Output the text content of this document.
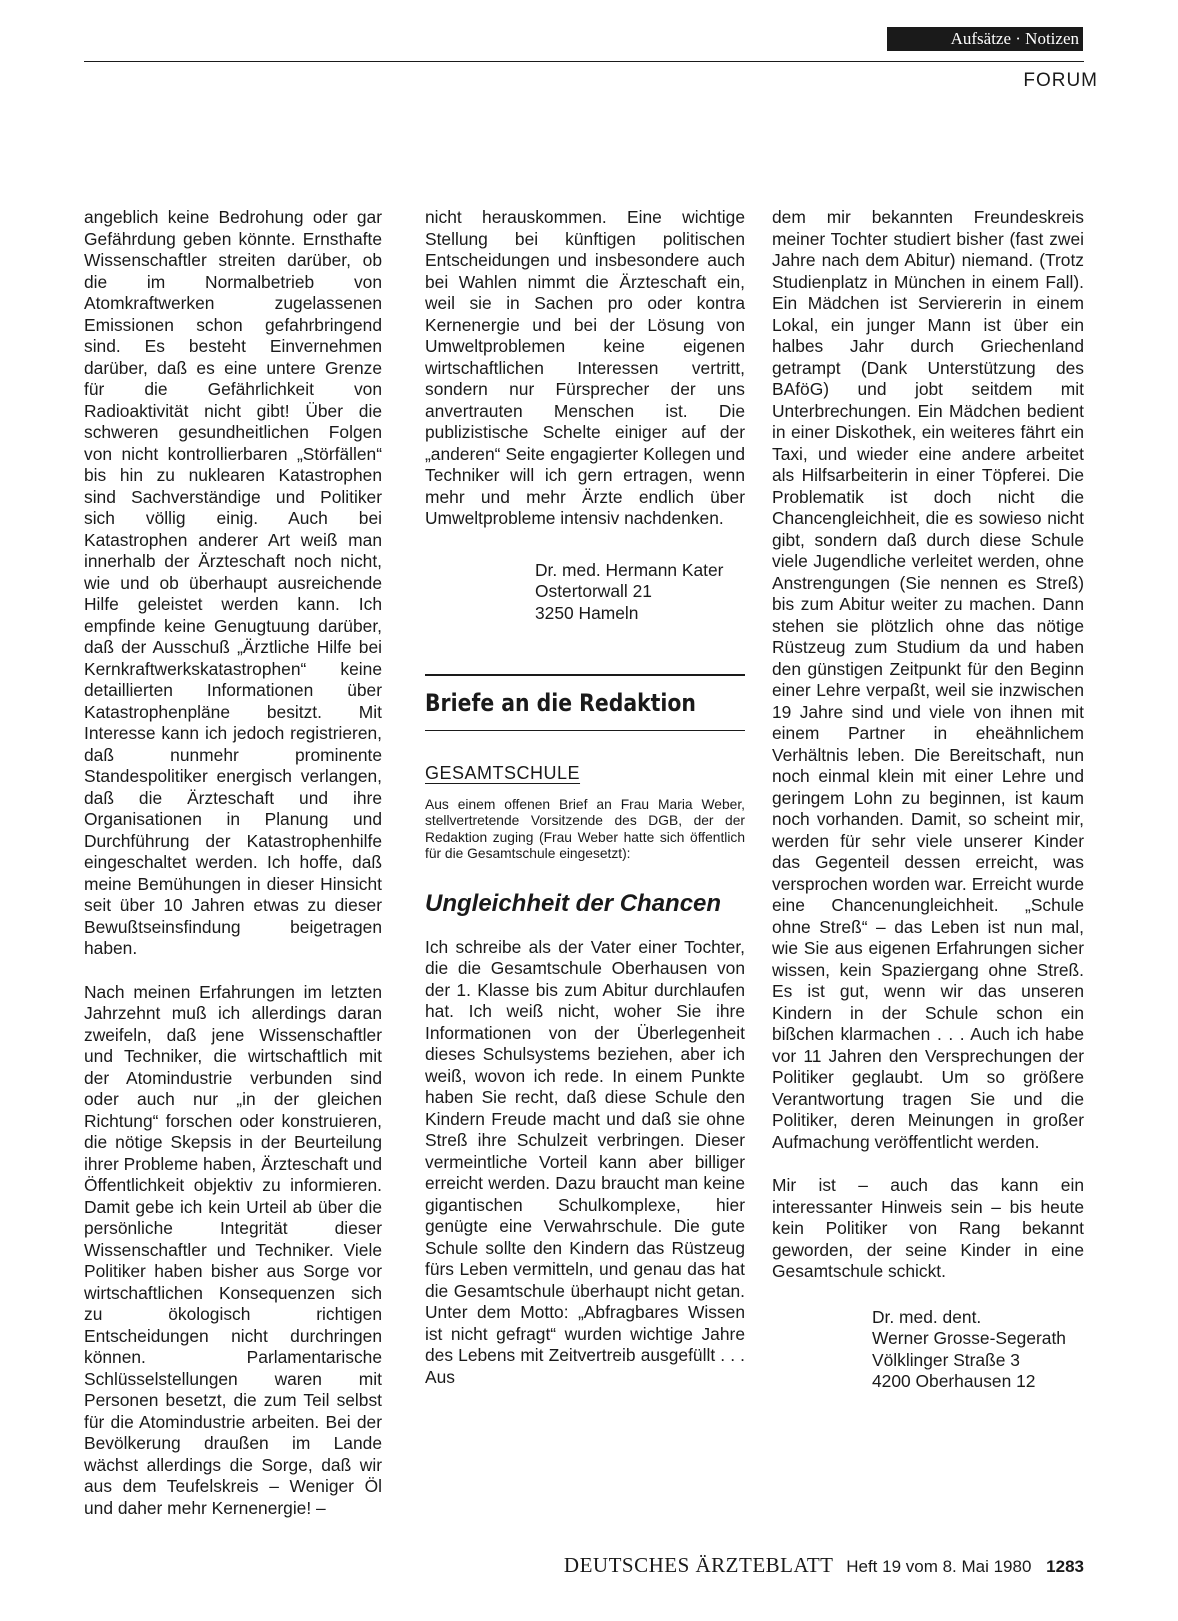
Aufsätze · Notizen
FORUM

angeblich keine Bedrohung oder gar Gefährdung geben könnte. Ernsthafte Wissenschaftler streiten darüber, ob die im Normalbetrieb von Atomkraftwerken zugelassenen Emissionen schon gefahrbringend sind. Es besteht Einvernehmen darüber, daß es eine untere Grenze für die Gefährlichkeit von Radioaktivität nicht gibt! Über die schweren gesundheitlichen Folgen von nicht kontrollierbaren „Störfällen“ bis hin zu nuklearen Katastrophen sind Sachverständige und Politiker sich völlig einig. Auch bei Katastrophen anderer Art weiß man innerhalb der Ärzteschaft noch nicht, wie und ob überhaupt ausreichende Hilfe geleistet werden kann. Ich empfinde keine Genugtuung darüber, daß der Ausschuß „Ärztliche Hilfe bei Kernkraftwerkskatastrophen“ keine detaillierten Informationen über Katastrophenpläne besitzt. Mit Interesse kann ich jedoch registrieren, daß nunmehr prominente Standespolitiker energisch verlangen, daß die Ärzteschaft und ihre Organisationen in Planung und Durchführung der Katastrophenhilfe eingeschaltet werden. Ich hoffe, daß meine Bemühungen in dieser Hinsicht seit über 10 Jahren etwas zu dieser Bewußtseinsfindung beigetragen haben.

Nach meinen Erfahrungen im letzten Jahrzehnt muß ich allerdings daran zweifeln, daß jene Wissenschaftler und Techniker, die wirtschaftlich mit der Atomindustrie verbunden sind oder auch nur „in der gleichen Richtung“ forschen oder konstruieren, die nötige Skepsis in der Beurteilung ihrer Probleme haben, Ärzteschaft und Öffentlichkeit objektiv zu informieren. Damit gebe ich kein Urteil ab über die persönliche Integrität dieser Wissenschaftler und Techniker. Viele Politiker haben bisher aus Sorge vor wirtschaftlichen Konsequenzen sich zu ökologisch richtigen Entscheidungen nicht durchringen können. Parlamentarische Schlüsselstellungen waren mit Personen besetzt, die zum Teil selbst für die Atomindustrie arbeiten. Bei der Bevölkerung draußen im Lande wächst allerdings die Sorge, daß wir aus dem Teufelskreis – Weniger Öl und daher mehr Kernenergie! –

nicht herauskommen. Eine wichtige Stellung bei künftigen politischen Entscheidungen und insbesondere auch bei Wahlen nimmt die Ärzteschaft ein, weil sie in Sachen pro oder kontra Kernenergie und bei der Lösung von Umweltproblemen keine eigenen wirtschaftlichen Interessen vertritt, sondern nur Fürsprecher der uns anvertrauten Menschen ist. Die publizistische Schelte einiger auf der „anderen“ Seite engagierter Kollegen und Techniker will ich gern ertragen, wenn mehr und mehr Ärzte endlich über Umweltprobleme intensiv nachdenken.

Dr. med. Hermann Kater
Ostertorwall 21
3250 Hameln
Briefe an die Redaktion
GESAMTSCHULE

Aus einem offenen Brief an Frau Maria Weber, stellvertretende Vorsitzende des DGB, der der Redaktion zuging (Frau Weber hatte sich öffentlich für die Gesamtschule eingesetzt):

Ungleichheit der Chancen

Ich schreibe als der Vater einer Tochter, die die Gesamtschule Oberhausen von der 1. Klasse bis zum Abitur durchlaufen hat. Ich weiß nicht, woher Sie ihre Informationen von der Überlegenheit dieses Schulsystems beziehen, aber ich weiß, wovon ich rede. In einem Punkte haben Sie recht, daß diese Schule den Kindern Freude macht und daß sie ohne Streß ihre Schulzeit verbringen. Dieser vermeintliche Vorteil kann aber billiger erreicht werden. Dazu braucht man keine gigantischen Schulkomplexe, hier genügte eine Verwahrschule. Die gute Schule sollte den Kindern das Rüstzeug fürs Leben vermitteln, und genau das hat die Gesamtschule überhaupt nicht getan. Unter dem Motto: „Abfragbares Wissen ist nicht gefragt“ wurden wichtige Jahre des Lebens mit Zeitvertreib ausgefüllt . . . Aus

dem mir bekannten Freundeskreis meiner Tochter studiert bisher (fast zwei Jahre nach dem Abitur) niemand. (Trotz Studienplatz in München in einem Fall). Ein Mädchen ist Serviererin in einem Lokal, ein junger Mann ist über ein halbes Jahr durch Griechenland getrampt (Dank Unterstützung des BAföG) und jobt seitdem mit Unterbrechungen. Ein Mädchen bedient in einer Diskothek, ein weiteres fährt ein Taxi, und wieder eine andere arbeitet als Hilfsarbeiterin in einer Töpferei. Die Problematik ist doch nicht die Chancengleichheit, die es sowieso nicht gibt, sondern daß durch diese Schule viele Jugendliche verleitet werden, ohne Anstrengungen (Sie nennen es Streß) bis zum Abitur weiter zu machen. Dann stehen sie plötzlich ohne das nötige Rüstzeug zum Studium da und haben den günstigen Zeitpunkt für den Beginn einer Lehre verpaßt, weil sie inzwischen 19 Jahre sind und viele von ihnen mit einem Partner in eheähnlichem Verhältnis leben. Die Bereitschaft, nun noch einmal klein mit einer Lehre und geringem Lohn zu beginnen, ist kaum noch vorhanden. Damit, so scheint mir, werden für sehr viele unserer Kinder das Gegenteil dessen erreicht, was versprochen worden war. Erreicht wurde eine Chancenungleichheit. „Schule ohne Streß“ – das Leben ist nun mal, wie Sie aus eigenen Erfahrungen sicher wissen, kein Spaziergang ohne Streß. Es ist gut, wenn wir das unseren Kindern in der Schule schon ein bißchen klarmachen . . . Auch ich habe vor 11 Jahren den Versprechungen der Politiker geglaubt. Um so größere Verantwortung tragen Sie und die Politiker, deren Meinungen in großer Aufmachung veröffentlicht werden.

Mir ist – auch das kann ein interessanter Hinweis sein – bis heute kein Politiker von Rang bekannt geworden, der seine Kinder in eine Gesamtschule schickt.

Dr. med. dent.
Werner Grosse-Segerath
Völklinger Straße 3
4200 Oberhausen 12
DEUTSCHES ÄRZTEBLATT Heft 19 vom 8. Mai 1980 1283
